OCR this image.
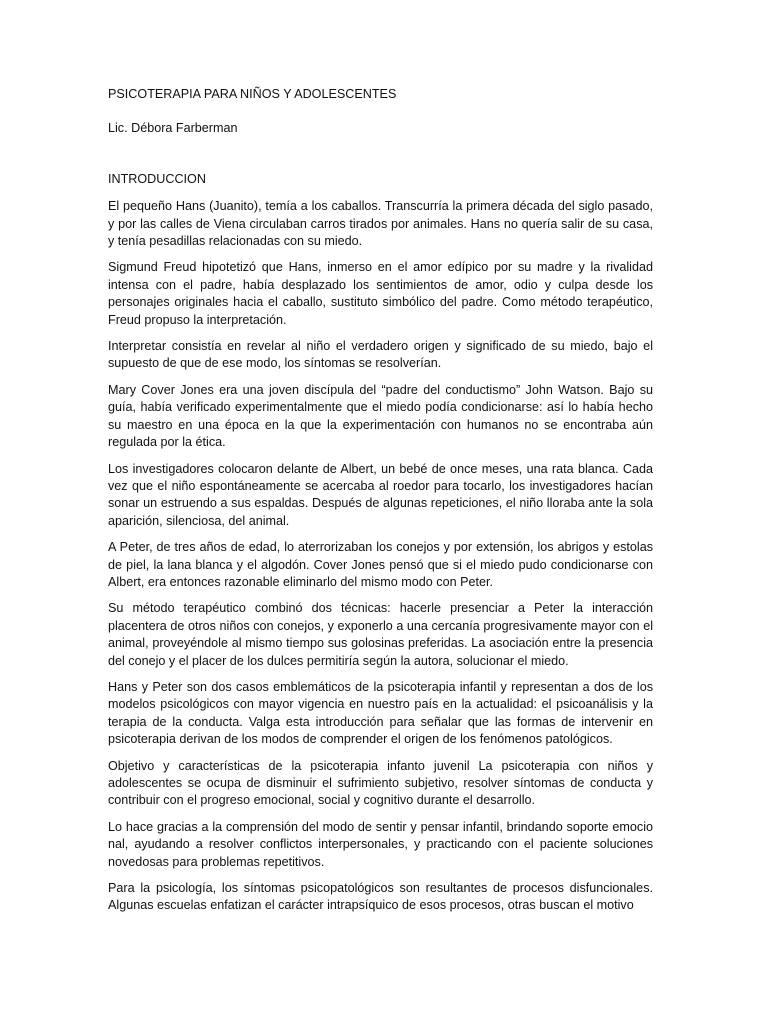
PSICOTERAPIA PARA NIÑOS Y ADOLESCENTES

Lic. Débora Farberman

INTRODUCCION

El pequeño Hans (Juanito), temía a los caballos. Transcurría la primera década del siglo pasado, y por las calles de Viena circulaban carros tirados por animales. Hans no quería salir de su casa, y tenía pesadillas relacionadas con su miedo.

Sigmund Freud hipotetizó que Hans, inmerso en el amor edípico por su madre y la rivalidad intensa con el padre, había desplazado los sentimientos de amor, odio y culpa desde los personajes originales hacia el caballo, sustituto simbólico del padre. Como método terapéutico, Freud propuso la interpretación.

Interpretar consistía en revelar al niño el verdadero origen y significado de su miedo, bajo el supuesto de que de ese modo, los síntomas se resolverían.

Mary Cover Jones era una joven discípula del “padre del conductismo” John Watson. Bajo su guía, había verificado experimentalmente que el miedo podía condicionarse: así lo había hecho su maestro en una época en la que la experimentación con humanos no se encontraba aún regulada por la ética.

Los investigadores colocaron delante de Albert, un bebé de once meses, una rata blanca. Cada vez que el niño espontáneamente se acercaba al roedor para tocarlo, los investigadores hacían sonar un estruendo a sus espaldas. Después de algunas repeticiones, el niño lloraba ante la sola aparición, silenciosa, del animal.

A Peter, de tres años de edad, lo aterrorizaban los conejos y por extensión, los abrigos y estolas de piel, la lana blanca y el algodón. Cover Jones pensó que si el miedo pudo condicionarse con Albert, era entonces razonable eliminarlo del mismo modo con Peter.

Su método terapéutico combinó dos técnicas: hacerle presenciar a Peter la interacción placentera de otros niños con conejos, y exponerlo a una cercanía progresivamente mayor con el animal, proveyéndole al mismo tiempo sus golosinas preferidas. La asociación entre la presencia del conejo y el placer de los dulces permitiría según la autora, solucionar el miedo.

Hans y Peter son dos casos emblemáticos de la psicoterapia infantil y representan a dos de los modelos psicológicos con mayor vigencia en nuestro país en la actualidad: el psicoanálisis y la terapia de la conducta. Valga esta introducción para señalar que las formas de intervenir en psicoterapia derivan de los modos de comprender el origen de los fenómenos patológicos.

Objetivo y características de la psicoterapia infanto juvenil La psicoterapia con niños y adolescentes se ocupa de disminuir el sufrimiento subjetivo, resolver síntomas de conducta y contribuir con el progreso emocional, social y cognitivo durante el desarrollo.

Lo hace gracias a la comprensión del modo de sentir y pensar infantil, brindando soporte emocio nal, ayudando a resolver conflictos interpersonales, y practicando con el paciente soluciones novedosas para problemas repetitivos.

Para la psicología, los síntomas psicopatológicos son resultantes de procesos disfuncionales. Algunas escuelas enfatizan el carácter intrapsíquico de esos procesos, otras buscan el motivo
